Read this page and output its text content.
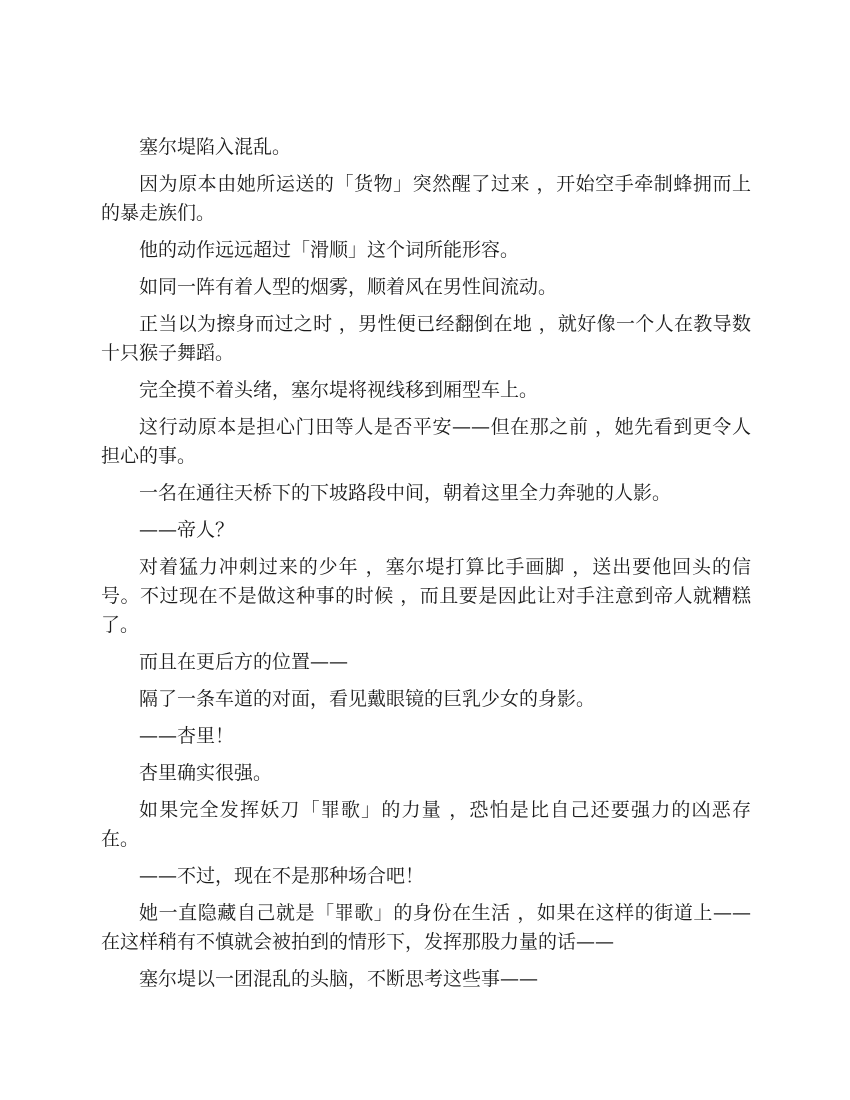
塞尔堤陷入混乱。

因为原本由她所运送的「货物」突然醒了过来 ，开始空手牵制蜂拥而上的暴走族们。

他的动作远远超过「滑顺」这个词所能形容。

如同一阵有着人型的烟雾，顺着风在男性间流动。

正当以为擦身而过之时 ，男性便已经翻倒在地 ，就好像一个人在教导数十只猴子舞蹈。

完全摸不着头绪，塞尔堤将视线移到厢型车上。

这行动原本是担心门田等人是否平安——但在那之前 ，她先看到更令人担心的事。

一名在通往天桥下的下坡路段中间，朝着这里全力奔驰的人影。

——帝人？

对着猛力冲刺过来的少年 ，塞尔堤打算比手画脚 ，送出要他回头的信号。不过现在不是做这种事的时候 ，而且要是因此让对手注意到帝人就糟糕了。

而且在更后方的位置——

隔了一条车道的对面，看见戴眼镜的巨乳少女的身影。

——杏里！

杏里确实很强。

如果完全发挥妖刀「罪歌」的力量 ，恐怕是比自己还要强力的凶恶存在。

——不过，现在不是那种场合吧！

她一直隐藏自己就是「罪歌」的身份在生活 ，如果在这样的街道上——在这样稍有不慎就会被拍到的情形下，发挥那股力量的话——

塞尔堤以一团混乱的头脑，不断思考这些事——
